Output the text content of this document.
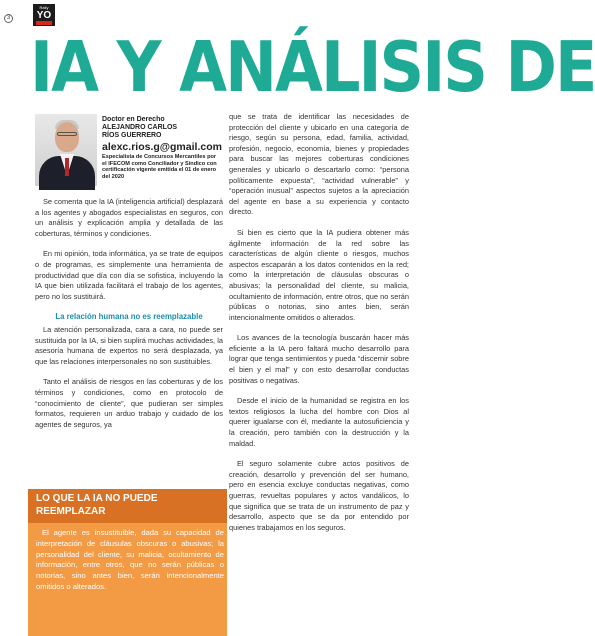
3
Rally
YO
IA Y ANÁLISIS DE
Doctor en Derecho
ALEJANDRO CARLOS
RÍOS GUERRERO
alexc.rios.g@gmail.com
Especialista de Concursos Mercantiles por el IFECOM como Conciliador y Síndico con certificación vigente emitida el 01 de enero del 2020

Se comenta que la IA (inteligencia artificial) desplazará a los agentes y abogados especialistas en seguros, con un análisis y explicación amplia y detallada de las coberturas, términos y condiciones.

En mi opinión, toda informática, ya se trate de equipos o de programas, es simplemente una herramienta de productividad que día con día se sofistica, incluyendo la IA que bien utilizada facilitará el trabajo de los agentes, pero no los sustituirá.

La relación humana no es reemplazable

La atención personalizada, cara a cara, no puede ser sustituida por la IA, si bien suplirá muchas actividades, la asesoría humana de expertos no será desplazada, ya que las relaciones interpersonales no son sustituibles.

Tanto el análisis de riesgos en las coberturas y de los términos y condiciones, como en protocolo de “conocimiento de cliente”, que pudieran ser simples formatos, requieren un arduo trabajo y cuidado de los agentes de seguros, ya

LO QUE LA IA NO PUEDE REEMPLAZAR
El agente es insustituible, dada su capacidad de interpretación de cláusulas obscuras o abusivas; la personalidad del cliente, su malicia, ocultamiento de información, entre otros, que no serán públicas o notorias, sino antes bien, serán intencionalmente omitidos o alterados.

que se trata de identificar las necesidades de protección del cliente y ubicarlo en una categoría de riesgo, según su persona, edad, familia, actividad, profesión, negocio, economía, bienes y propiedades para buscar las mejores coberturas condiciones generales y ubicarlo o descartarlo como: “persona políticamente expuesta”, “actividad vulnerable” y “operación inusual” aspectos sujetos a la apreciación del agente en base a su experiencia y contacto directo.

Si bien es cierto que la IA pudiera obtener más ágilmente información de la red sobre las características de algún cliente o riesgos, muchos aspectos escaparán a los datos contenidos en la red; como la interpretación de cláusulas obscuras o abusivas; la personalidad del cliente, su malicia, ocultamiento de información, entre otros, que no serán públicas o notorias, sino antes bien, serán intencionalmente omitidos o alterados.

Los avances de la tecnología buscarán hacer más eficiente a la IA pero faltará mucho desarrollo para lograr que tenga sentimientos y pueda “discernir sobre el bien y el mal” y con esto desarrollar conductas positivas o negativas.

Desde el inicio de la humanidad se registra en los textos religiosos la lucha del hombre con Dios al querer igualarse con él, mediante la autosuficiencia y la creación, pero también con la destrucción y la maldad.

El seguro solamente cubre actos positivos de creación, desarrollo y prevención del ser humano, pero en esencia excluye conductas negativas, como guerras, revueltas populares y actos vandálicos, lo que significa que se trata de un instrumento de paz y desarrollo, aspecto que se da por entendido por quienes trabajamos en los seguros.
